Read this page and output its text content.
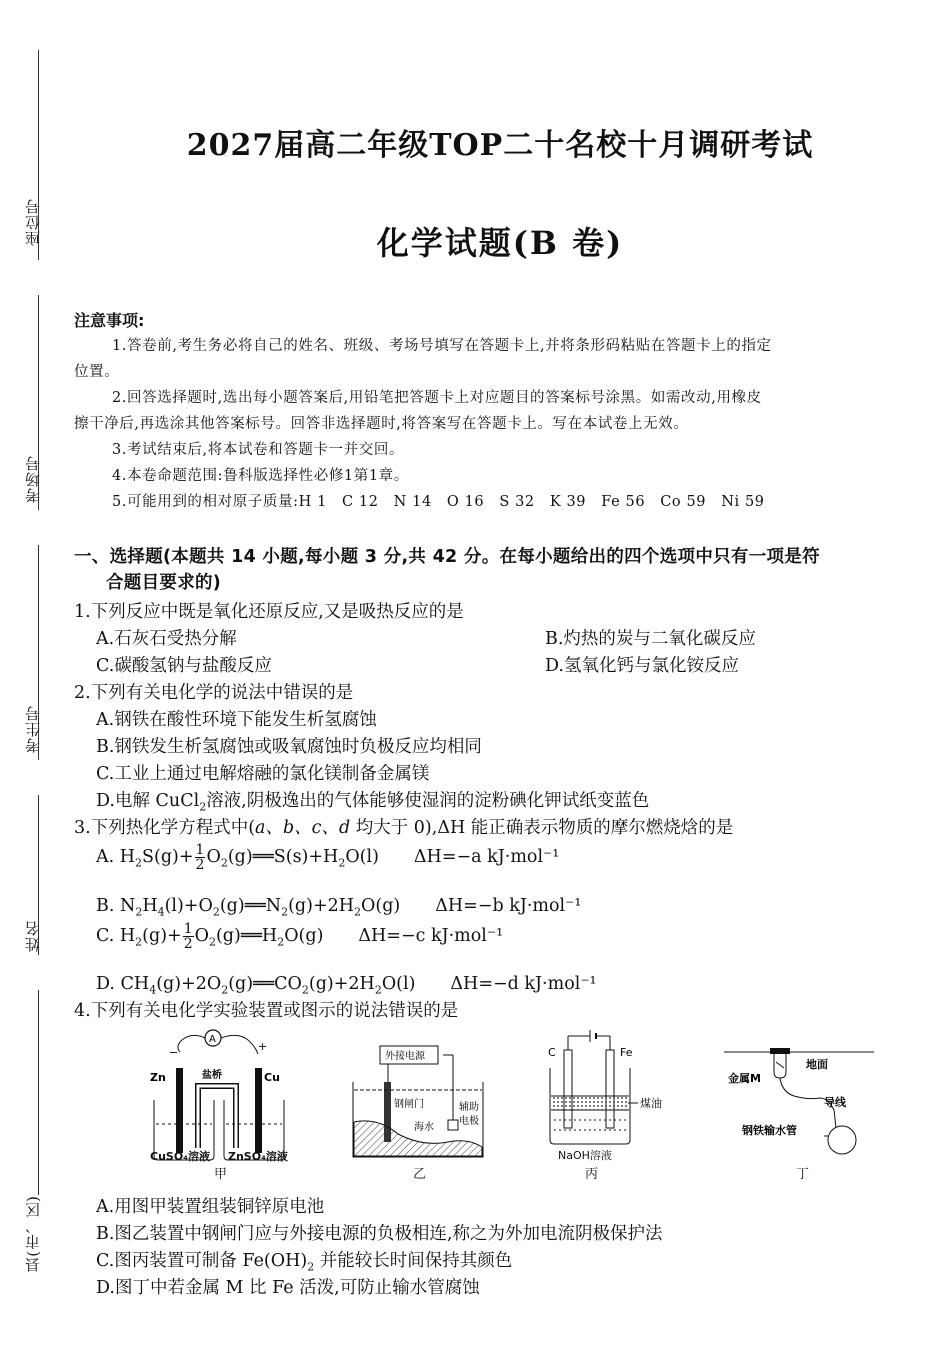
座位号
考场号
考生号
姓名
县(市、区)
2027届高二年级TOP二十名校十月调研考试
化学试题(B 卷)
注意事项:
1.答卷前,考生务必将自己的姓名、班级、考场号填写在答题卡上,并将条形码粘贴在答题卡上的指定
位置。
2.回答选择题时,选出每小题答案后,用铅笔把答题卡上对应题目的答案标号涂黑。如需改动,用橡皮
擦干净后,再选涂其他答案标号。回答非选择题时,将答案写在答题卡上。写在本试卷上无效。
3.考试结束后,将本试卷和答题卡一并交回。
4.本卷命题范围:鲁科版选择性必修1第1章。
5.可能用到的相对原子质量:H 1　C 12　N 14　O 16　S 32　K 39　Fe 56　Co 59　Ni 59
一、选择题(本题共 14 小题,每小题 3 分,共 42 分。在每小题给出的四个选项中只有一项是符
合题目要求的)
1.下列反应中既是氧化还原反应,又是吸热反应的是
A.石灰石受热分解	B.灼热的炭与二氧化碳反应
C.碳酸氢钠与盐酸反应	D.氢氧化钙与氯化铵反应
2.下列有关电化学的说法中错误的是
A.钢铁在酸性环境下能发生析氢腐蚀
B.钢铁发生析氢腐蚀或吸氧腐蚀时负极反应均相同
C.工业上通过电解熔融的氯化镁制备金属镁
D.电解 CuCl$_2$溶液,阴极逸出的气体能够使湿润的淀粉碘化钾试纸变蓝色
3.下列热化学方程式中(a、b、c、d 均大于 0),ΔH 能正确表示物质的摩尔燃烧焓的是
A. $H_2S(g)+ \frac{1}{2}$ $O_2(g)══S(s)+H_2O(l)$　　ΔH=−a kJ·mol⁻¹
B. $N_2H_4(l)+O_2(g)══N_2(g)+2H_2O(g)$　　ΔH=−b kJ·mol⁻¹
C. $H_2(g)+ \frac{1}{2}$ $O_2(g)══H_2O(g)$　　ΔH=−c kJ·mol⁻¹
D. $CH_4(g)+2O_2(g)══CO_2(g)+2H_2O(l)$　　ΔH=−d kJ·mol⁻¹
4.下列有关电化学实验装置或图示的说法错误的是
A
−	+
Zn	Cu
盐桥
CuSO₄溶液 ZnSO₄溶液
甲
外接电源
钢闸门
海水
辅助
电极
乙
C	Fe
煤油
NaOH溶液
丙
地面
金属M
导线
钢铁输水管
丁
A.用图甲装置组装铜锌原电池
B.图乙装置中钢闸门应与外接电源的负极相连,称之为外加电流阴极保护法
C.图丙装置可制备 $Fe(OH)_2$ 并能较长时间保持其颜色
D.图丁中若金属 M 比 Fe 活泼,可防止输水管腐蚀
